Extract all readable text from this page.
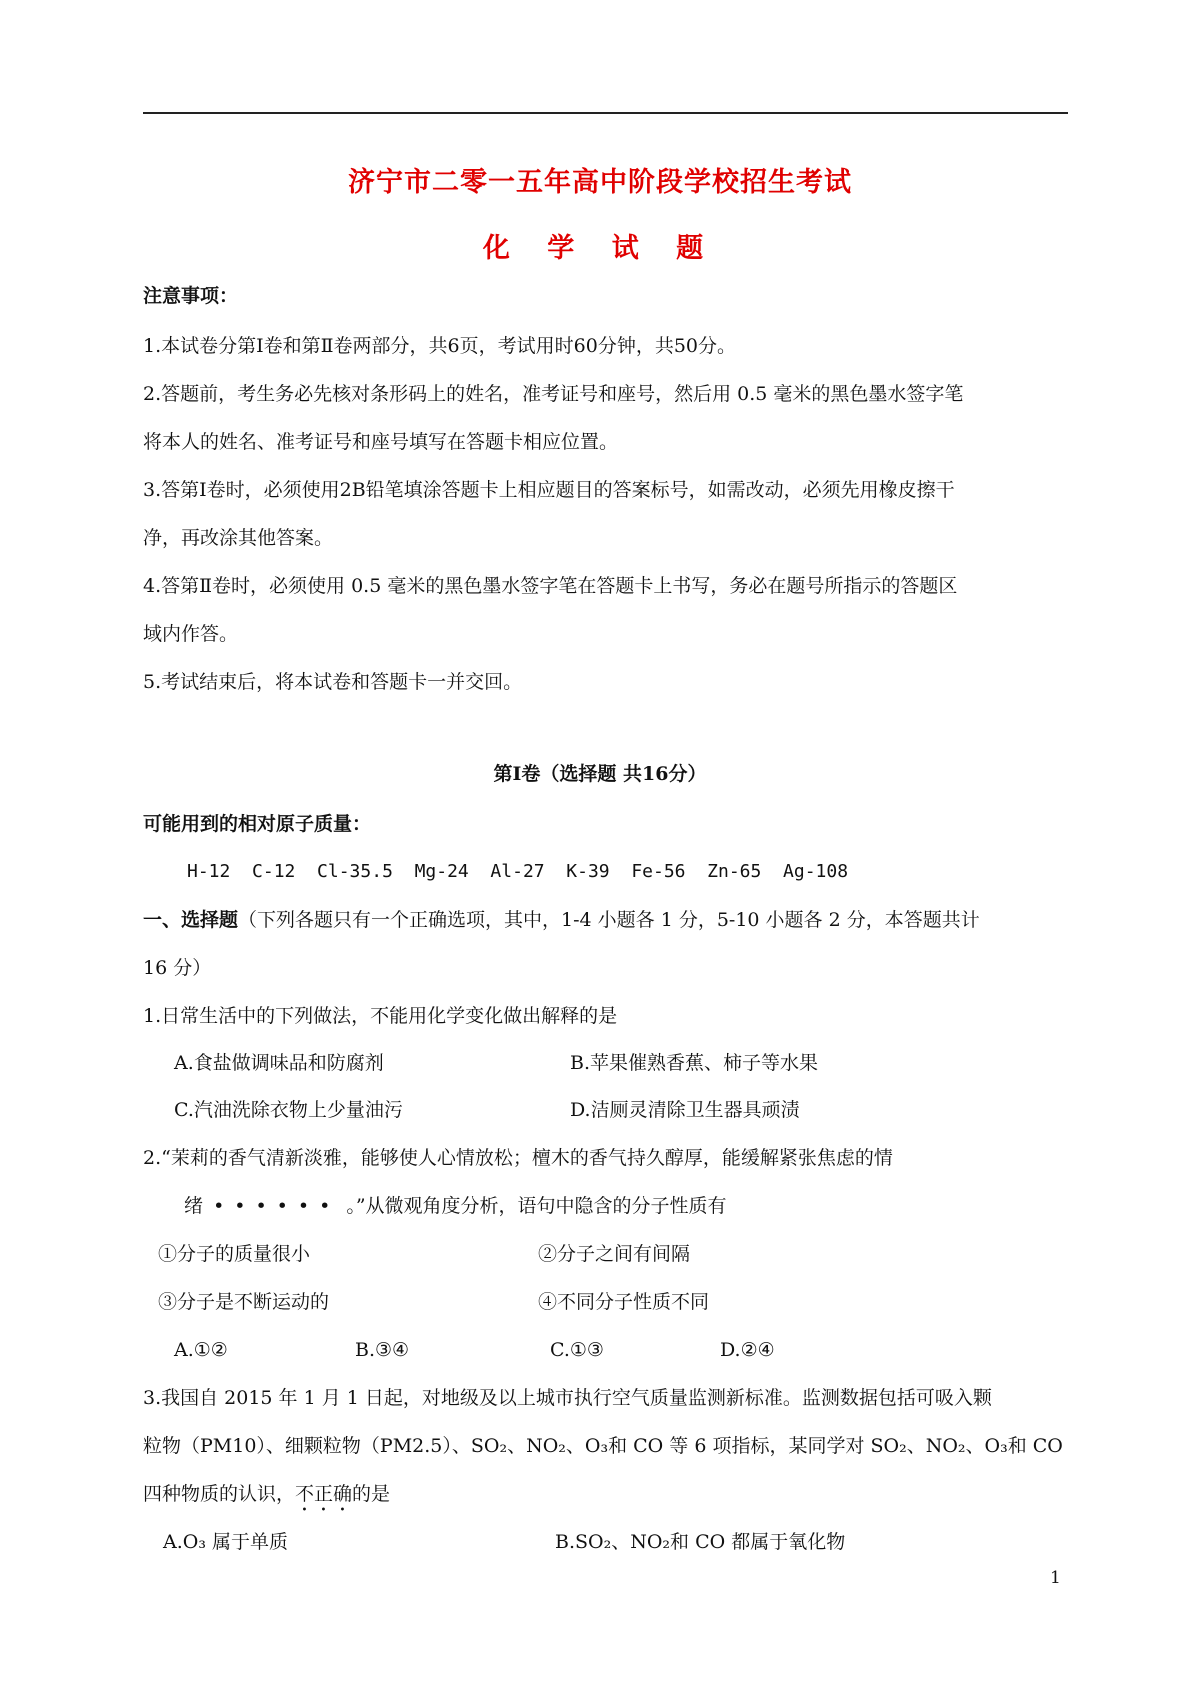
济宁市二零一五年高中阶段学校招生考试
化 学 试 题
注意事项：
1.本试卷分第Ⅰ卷和第Ⅱ卷两部分，共6页，考试用时60分钟，共50分。
2.答题前，考生务必先核对条形码上的姓名，准考证号和座号，然后用 0.5 毫米的黑色墨水签字笔
将本人的姓名、准考证号和座号填写在答题卡相应位置。
3.答第Ⅰ卷时，必须使用2B铅笔填涂答题卡上相应题目的答案标号，如需改动，必须先用橡皮擦干
净，再改涂其他答案。
4.答第Ⅱ卷时，必须使用 0.5 毫米的黑色墨水签字笔在答题卡上书写，务必在题号所指示的答题区
域内作答。
5.考试结束后，将本试卷和答题卡一并交回。
第Ⅰ卷（选择题 共16分）
可能用到的相对原子质量：
H-12  C-12  Cl-35.5  Mg-24  Al-27  K-39  Fe-56  Zn-65  Ag-108
一、选择题（下列各题只有一个正确选项，其中，1-4 小题各 1 分，5-10 小题各 2 分，本答题共计
16 分）
1.日常生活中的下列做法，不能用化学变化做出解释的是
A.食盐做调味品和防腐剂	B.苹果催熟香蕉、柿子等水果
C.汽油洗除衣物上少量油污	D.洁厕灵清除卫生器具顽渍
2.“茉莉的香气清新淡雅，能够使人心情放松；檀木的香气持久醇厚，能缓解紧张焦虑的情
绪 •••••• 。”从微观角度分析，语句中隐含的分子性质有
①分子的质量很小	②分子之间有间隔
③分子是不断运动的	④不同分子性质不同
A.①②	B.③④	C.①③	D.②④
3.我国自 2015 年 1 月 1 日起，对地级及以上城市执行空气质量监测新标准。监测数据包括可吸入颗
粒物（PM10）、细颗粒物（PM2.5）、SO₂、NO₂、O₃和 CO 等 6 项指标，某同学对 SO₂、NO₂、O₃和 CO
四种物质的认识，不正确的是
A.O₃ 属于单质	B.SO₂、NO₂和 CO 都属于氧化物
1
